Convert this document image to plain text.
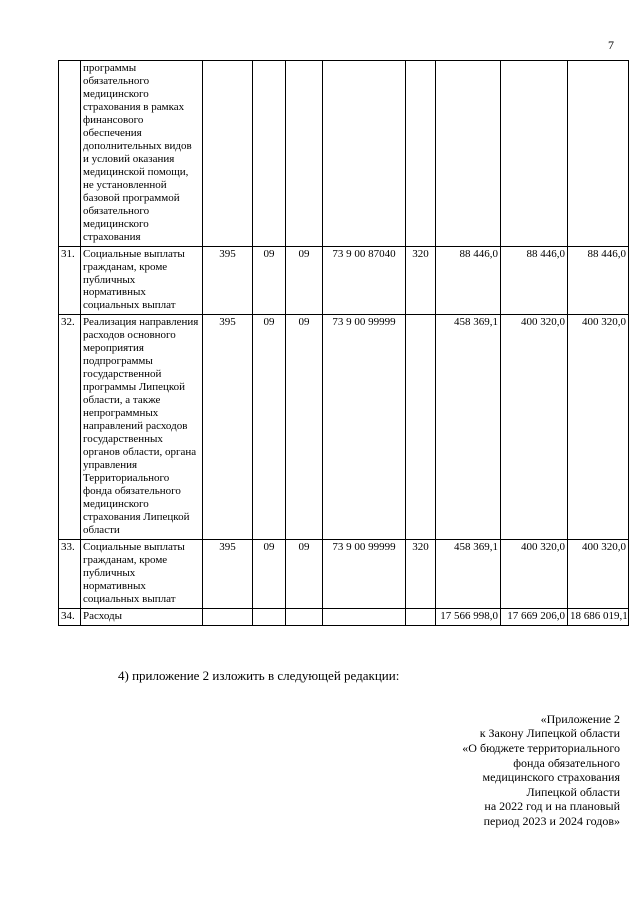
7
	программы обязательного медицинского страхования в рамках финансового обеспечения дополнительных видов и условий оказания медицинской помощи, не установленной базовой программой обязательного медицинского страхования								
31.	Социальные выплаты гражданам, кроме публичных нормативных социальных выплат	395	09	09	73 9 00 87040	320	88 446,0	88 446,0	88 446,0
32.	Реализация направления расходов основного мероприятия подпрограммы государственной программы Липецкой области, а также непрограммных направлений расходов государственных органов области, органа управления Территориального фонда обязательного медицинского страхования Липецкой области	395	09	09	73 9 00 99999		458 369,1	400 320,0	400 320,0
33.	Социальные выплаты гражданам, кроме публичных нормативных социальных выплат	395	09	09	73 9 00 99999	320	458 369,1	400 320,0	400 320,0
34.	Расходы						17 566 998,0	17 669 206,0	18 686 019,1

4) приложение 2 изложить в следующей редакции:

«Приложение 2
к Закону Липецкой области
«О бюджете территориального
фонда обязательного
медицинского страхования
Липецкой области
на 2022 год и на плановый
период 2023 и 2024 годов»
